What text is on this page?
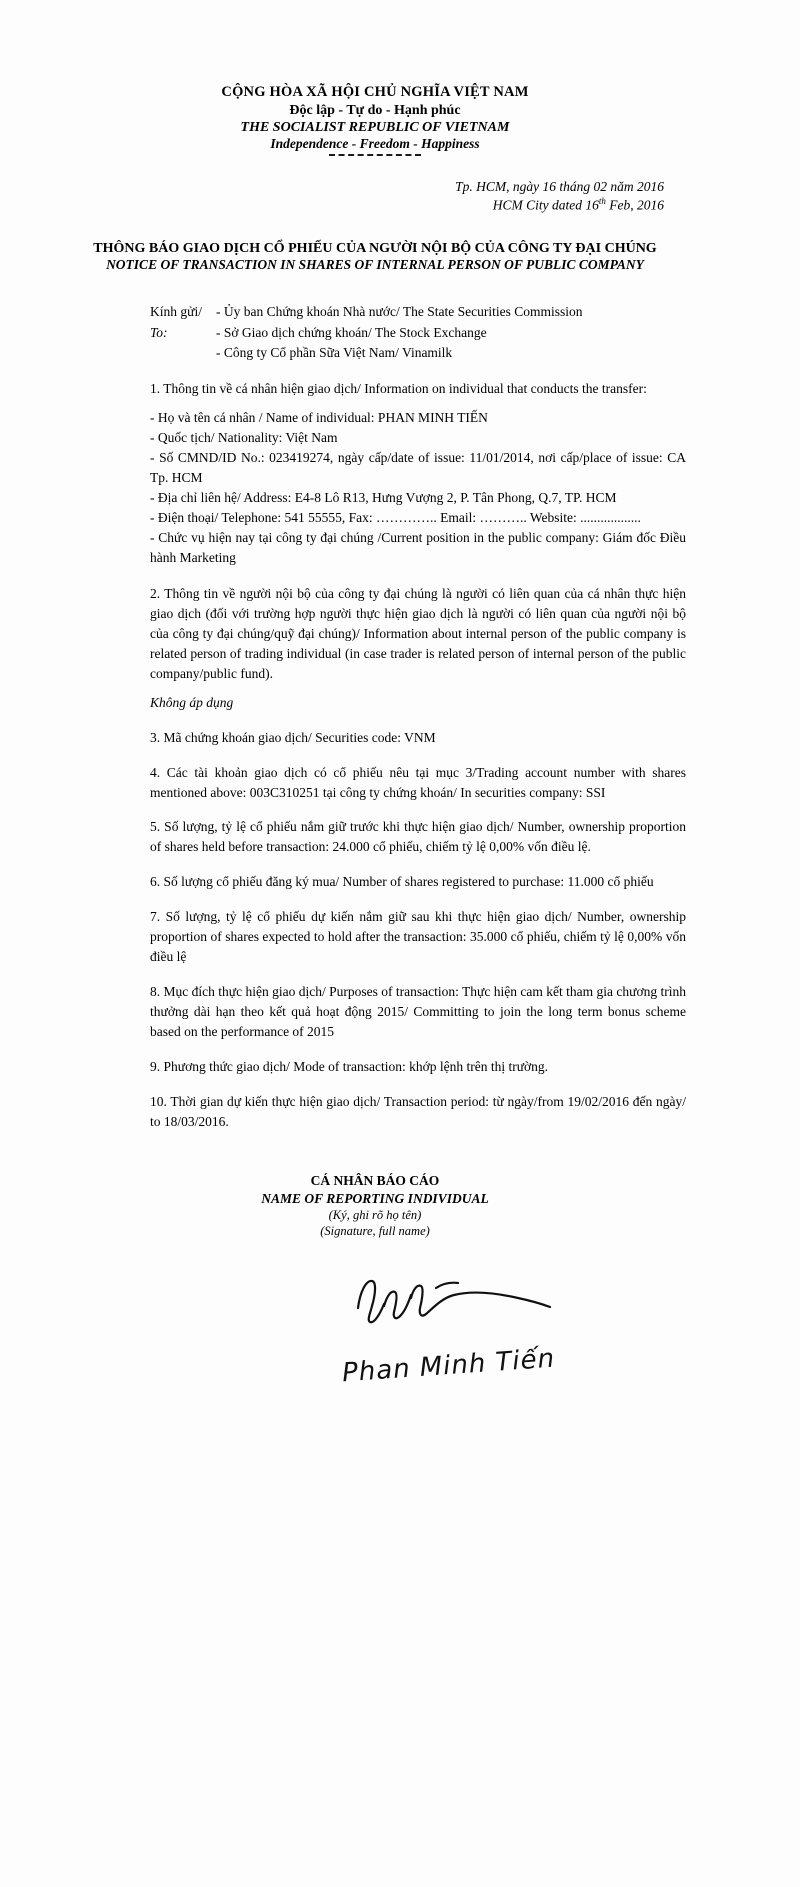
CỘNG HÒA XÃ HỘI CHỦ NGHĨA VIỆT NAM
Độc lập - Tự do - Hạnh phúc
THE SOCIALIST REPUBLIC OF VIETNAM
Independence - Freedom - Happiness
Tp. HCM, ngày 16 tháng 02 năm 2016
HCM City dated 16th Feb, 2016
THÔNG BÁO GIAO DỊCH CỔ PHIẾU CỦA NGƯỜI NỘI BỘ CỦA CÔNG TY ĐẠI CHÚNG
NOTICE OF TRANSACTION IN SHARES OF INTERNAL PERSON OF PUBLIC COMPANY
Kính gửi/ To:
- Ủy ban Chứng khoán Nhà nước/ The State Securities Commission
- Sở Giao dịch chứng khoán/ The Stock Exchange
- Công ty Cổ phần Sữa Việt Nam/ Vinamilk
1. Thông tin về cá nhân hiện giao dịch/ Information on individual that conducts the transfer:
- Họ và tên cá nhân / Name of individual: PHAN MINH TIẾN
- Quốc tịch/ Nationality: Việt Nam
- Số CMND/ID No.: 023419274, ngày cấp/date of issue: 11/01/2014, nơi cấp/place of issue: CA Tp. HCM
- Địa chỉ liên hệ/ Address: E4-8 Lô R13, Hưng Vượng 2, P. Tân Phong, Q.7, TP. HCM
- Điện thoại/ Telephone: 541 55555, Fax: ………….. Email: ……….. Website: ..................
- Chức vụ hiện nay tại công ty đại chúng /Current position in the public company: Giám đốc Điều hành Marketing
2. Thông tin về người nội bộ của công ty đại chúng là người có liên quan của cá nhân thực hiện giao dịch (đối với trường hợp người thực hiện giao dịch là người có liên quan của người nội bộ của công ty đại chúng/quỹ đại chúng)/ Information about internal person of the public company is related person of trading individual (in case trader is related person of internal person of the public company/public fund).
Không áp dụng
3. Mã chứng khoán giao dịch/ Securities code: VNM
4. Các tài khoản giao dịch có cổ phiếu nêu tại mục 3/Trading account number with shares mentioned above: 003C310251 tại công ty chứng khoán/ In securities company: SSI
5. Số lượng, tỷ lệ cổ phiếu nắm giữ trước khi thực hiện giao dịch/ Number, ownership proportion of shares held before transaction: 24.000 cổ phiếu, chiếm tỷ lệ 0,00% vốn điều lệ.
6. Số lượng cổ phiếu đăng ký mua/ Number of shares registered to purchase: 11.000 cổ phiếu
7. Số lượng, tỷ lệ cổ phiếu dự kiến nắm giữ sau khi thực hiện giao dịch/ Number, ownership proportion of shares expected to hold after the transaction: 35.000 cổ phiếu, chiếm tỷ lệ 0,00% vốn điều lệ
8. Mục đích thực hiện giao dịch/ Purposes of transaction: Thực hiện cam kết tham gia chương trình thưởng dài hạn theo kết quả hoạt động 2015/ Committing to join the long term bonus scheme based on the performance of 2015
9. Phương thức giao dịch/ Mode of transaction: khớp lệnh trên thị trường.
10. Thời gian dự kiến thực hiện giao dịch/ Transaction period: từ ngày/from 19/02/2016 đến ngày/ to 18/03/2016.
CÁ NHÂN BÁO CÁO
NAME OF REPORTING INDIVIDUAL
(Ký, ghi rõ họ tên)
(Signature, full name)
Phan Minh Tiến
